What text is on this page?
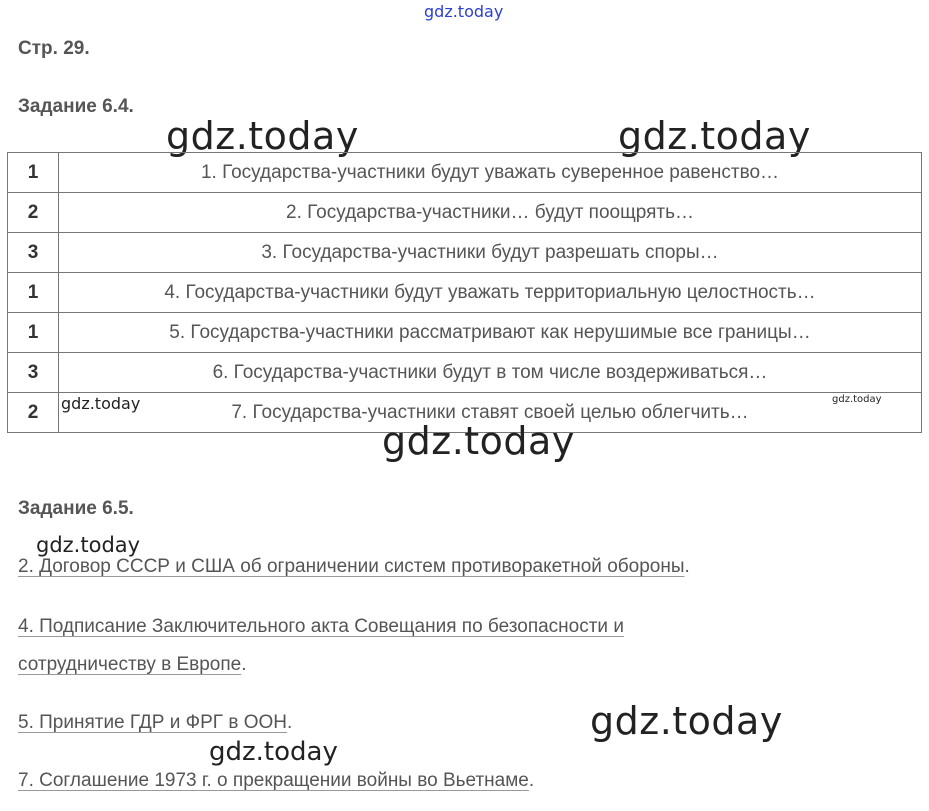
gdz.today
gdz.today	gdz.today
Стр. 29.
Задание 6.4.
1	1. Государства-участники будут уважать суверенное равенство…
2	2. Государства-участники… будут поощрять…
3	3. Государства-участники будут разрешать споры…
1	4. Государства-участники будут уважать территориальную целостность…
1	5. Государства-участники рассматривают как нерушимые все границы…
3	6. Государства-участники будут в том числе воздерживаться…
2	7. Государства-участники ставят своей целью облегчить…
gdz.today	gdz.today
gdz.today
Задание 6.5.
gdz.today
2. Договор СССР и США об ограничении систем противоракетной обороны.
4. Подписание Заключительного акта Совещания по безопасности и
сотрудничеству в Европе.
gdz.today
5. Принятие ГДР и ФРГ в ООН.
gdz.today
7. Соглашение 1973 г. о прекращении войны во Вьетнаме.
